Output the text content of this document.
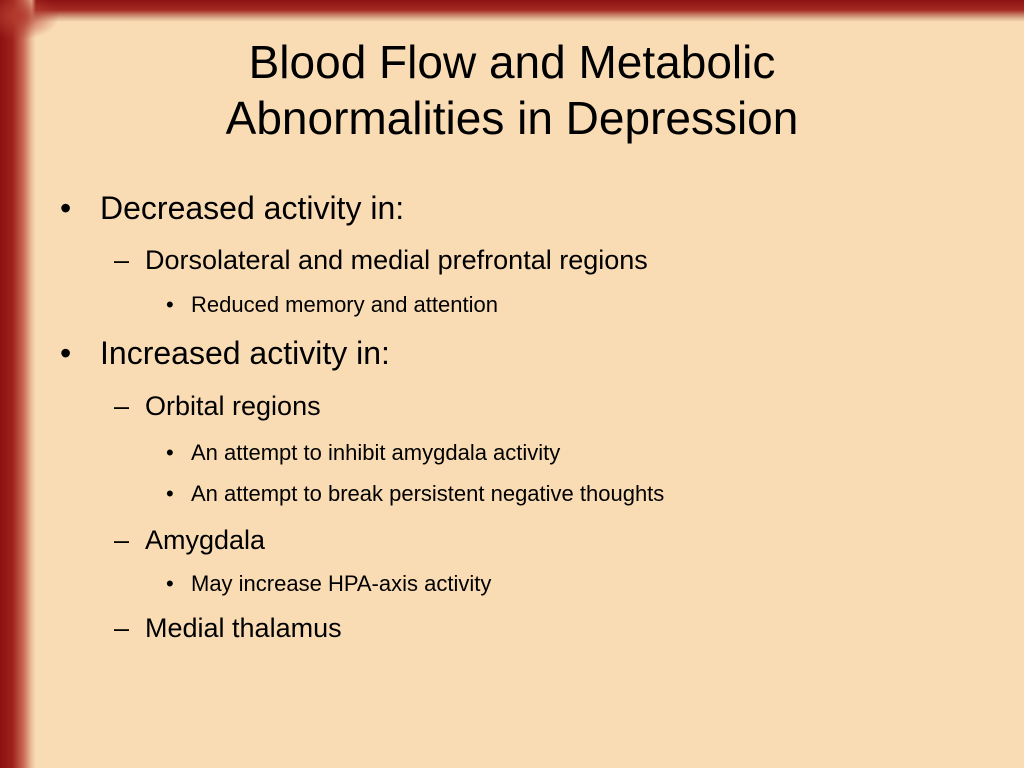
Blood Flow and Metabolic
Abnormalities in Depression
• Decreased activity in:
– Dorsolateral and medial prefrontal regions
• Reduced memory and attention
• Increased activity in:
– Orbital regions
• An attempt to inhibit amygdala activity
• An attempt to break persistent negative thoughts
– Amygdala
• May increase HPA-axis activity
– Medial thalamus
